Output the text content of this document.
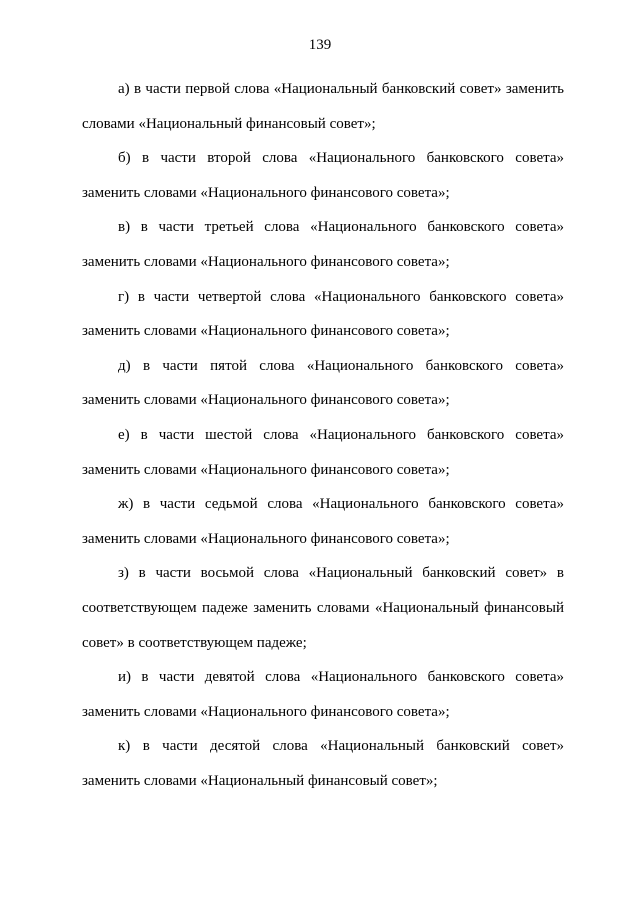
139

а) в части первой слова «Национальный банковский совет» заменить словами «Национальный финансовый совет»;

б) в части второй слова «Национального банковского совета» заменить словами «Национального финансового совета»;

в) в части третьей слова «Национального банковского совета» заменить словами «Национального финансового совета»;

г) в части четвертой слова «Национального банковского совета» заменить словами «Национального финансового совета»;

д) в части пятой слова «Национального банковского совета» заменить словами «Национального финансового совета»;

е) в части шестой слова «Национального банковского совета» заменить словами «Национального финансового совета»;

ж) в части седьмой слова «Национального банковского совета» заменить словами «Национального финансового совета»;

з) в части восьмой слова «Национальный банковский совет» в соответствующем падеже заменить словами «Национальный финансовый совет» в соответствующем падеже;

и) в части девятой слова «Национального банковского совета» заменить словами «Национального финансового совета»;

к) в части десятой слова «Национальный банковский совет» заменить словами «Национальный финансовый совет»;
